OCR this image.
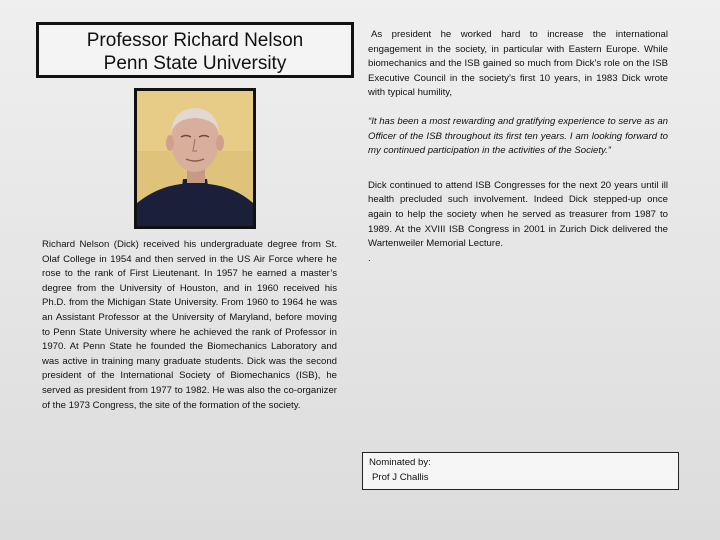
Professor Richard Nelson
Penn State University
Richard Nelson (Dick) received his undergraduate degree from St. Olaf College in 1954 and then served in the US Air Force where he rose to the rank of First Lieutenant. In 1957 he earned a master’s degree from the University of Houston, and in 1960 received his Ph.D. from the Michigan State University. From 1960 to 1964 he was an Assistant Professor at the University of Maryland, before moving to Penn State University where he achieved the rank of Professor in 1970. At Penn State he founded the Biomechanics Laboratory and was active in training many graduate students. Dick was the second president of the International Society of Biomechanics (ISB), he served as president from 1977 to 1982. He was also the co-organizer of the 1973 Congress, the site of the formation of the society.

As president he worked hard to increase the international engagement in the society, in particular with Eastern Europe. While biomechanics and the ISB gained so much from Dick’s role on the ISB Executive Council in the society’s first 10 years, in 1983 Dick wrote with typical humility,

“It has been a most rewarding and gratifying experience to serve as an Officer of the ISB throughout its first ten years. I am looking forward to my continued participation in the activities of the Society.”

Dick continued to attend ISB Congresses for the next 20 years until ill health precluded such involvement. Indeed Dick stepped-up once again to help the society when he served as treasurer from 1987 to 1989. At the XVIII ISB Congress in 2001 in Zurich Dick delivered the Wartenweiler Memorial Lecture.
.

Nominated by:
Prof J Challis
